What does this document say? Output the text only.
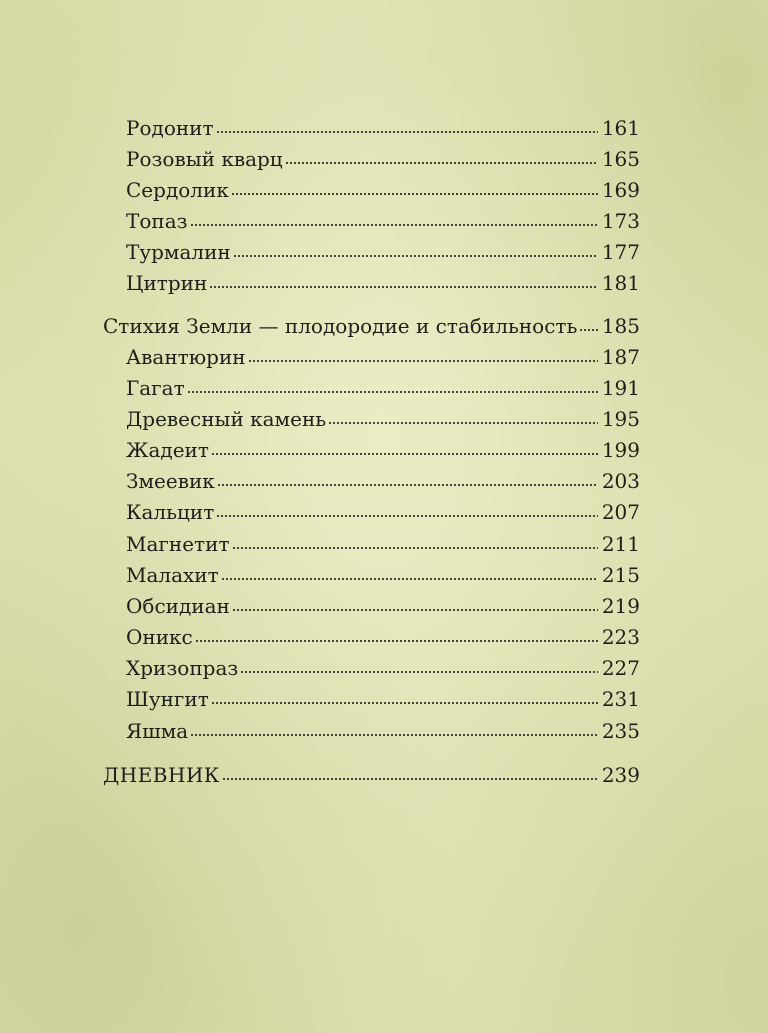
Родонит	161
Розовый кварц	165
Сердолик	169
Топаз	173
Турмалин	177
Цитрин	181
Стихия Земли — плодородие и стабильность 185
Авантюрин	187
Гагат	191
Древесный камень	195
Жадеит	199
Змеевик	203
Кальцит	207
Магнетит	211
Малахит	215
Обсидиан	219
Оникс	223
Хризопраз	227
Шунгит	231
Яшма	235
ДНЕВНИК	239
